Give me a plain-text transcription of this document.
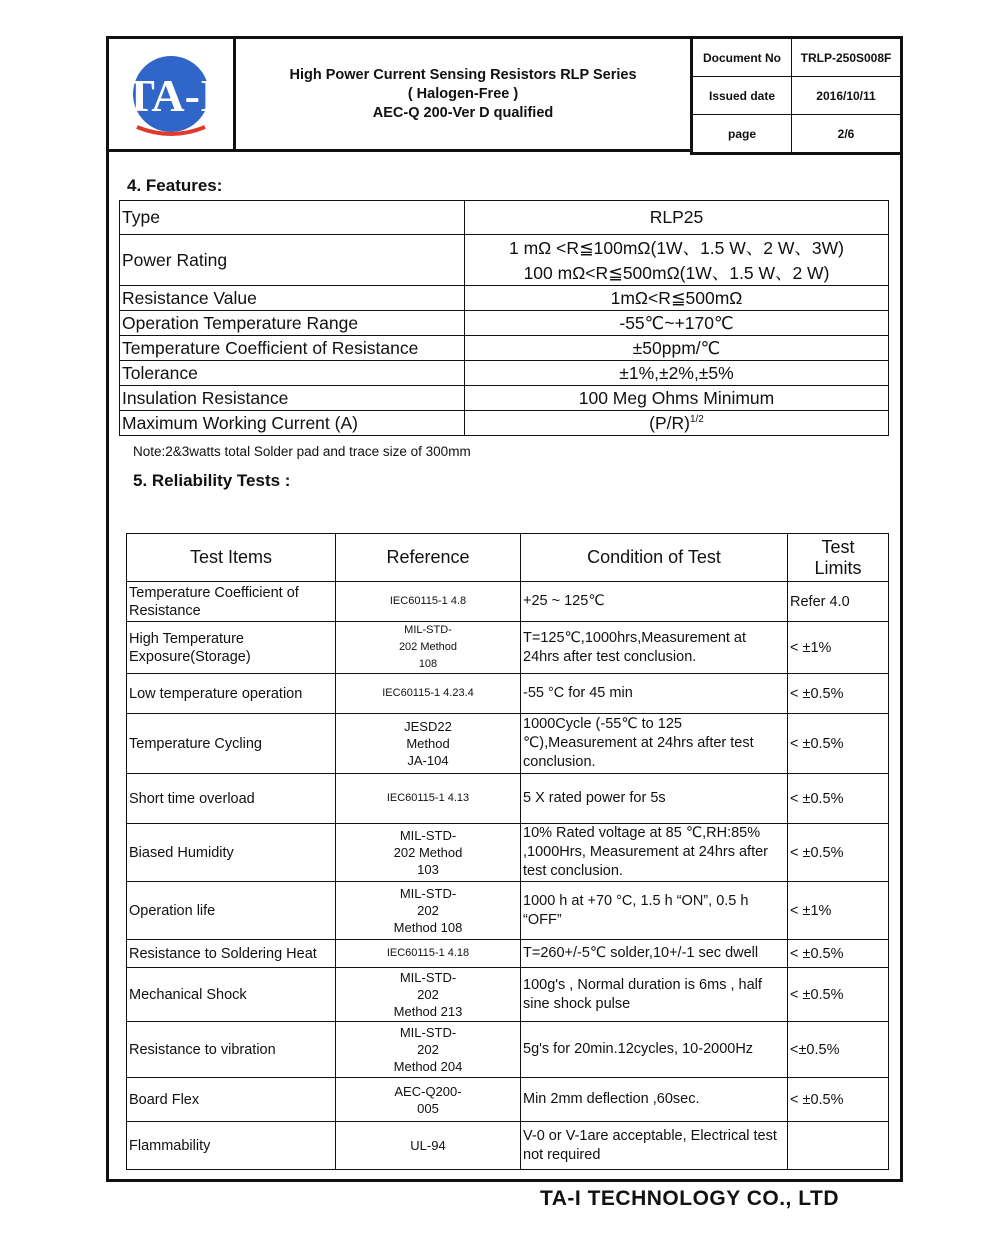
TA-I	High Power Current Sensing Resistors RLP Series
( Halogen-Free )
AEC-Q 200-Ver D qualified
Document No	TRLP-250S008F
Issued date	2016/10/11
page	2/6
4. Features:
Type	RLP25
Power Rating	1 mΩ <R≦100mΩ(1W、1.5 W、2 W、3W)
100 mΩ<R≦500mΩ(1W、1.5 W、2 W)

Resistance Value	1mΩ<R≦500mΩ
Operation Temperature Range	-55℃~+170℃
Temperature Coefficient of Resistance	±50ppm/℃
Tolerance	±1%,±2%,±5%
Insulation Resistance	100 Meg Ohms Minimum
Maximum Working Current (A)	$(P/R)^{1/2}$
Note:2&3watts total Solder pad and trace size of 300mm
5. Reliability Tests :
Test Items	Reference	Condition of Test	Test
Limits
Temperature Coefficient of Resistance	IEC60115-1 4.8	+25 ~ 125℃	Refer 4.0
High Temperature Exposure(Storage)	MIL-STD-
202 Method
108	T=125℃,1000hrs,Measurement at 24hrs after test conclusion.	< ±1%
Low temperature operation	IEC60115-1 4.23.4	-55 °C for 45 min	< ±0.5%
Temperature Cycling	JESD22
Method
JA-104	1000Cycle (-55℃ to 125 ℃),Measurement at 24hrs after test conclusion.	< ±0.5%
Short time overload	IEC60115-1 4.13	5 X rated power for 5s	< ±0.5%
Biased Humidity	MIL-STD-
202 Method
103	10% Rated voltage at 85 ℃,RH:85% ,1000Hrs, Measurement at 24hrs after test conclusion.	< ±0.5%
Operation life	MIL-STD-
202
Method 108	1000 h at +70 °C, 1.5 h “ON”, 0.5 h “OFF”	< ±1%
Resistance to Soldering Heat	IEC60115-1 4.18	T=260+/-5℃ solder,10+/-1 sec dwell	< ±0.5%
Mechanical Shock	MIL-STD-
202
Method 213	100g's , Normal duration is 6ms , half sine shock pulse	< ±0.5%
Resistance to vibration	MIL-STD-
202
Method 204	5g's for 20min.12cycles, 10-2000Hz	<±0.5%
Board Flex	AEC-Q200-
005	Min 2mm deflection ,60sec.	< ±0.5%
Flammability	UL-94	V-0 or V-1are acceptable, Electrical test not required	
TA-I TECHNOLOGY CO., LTD
